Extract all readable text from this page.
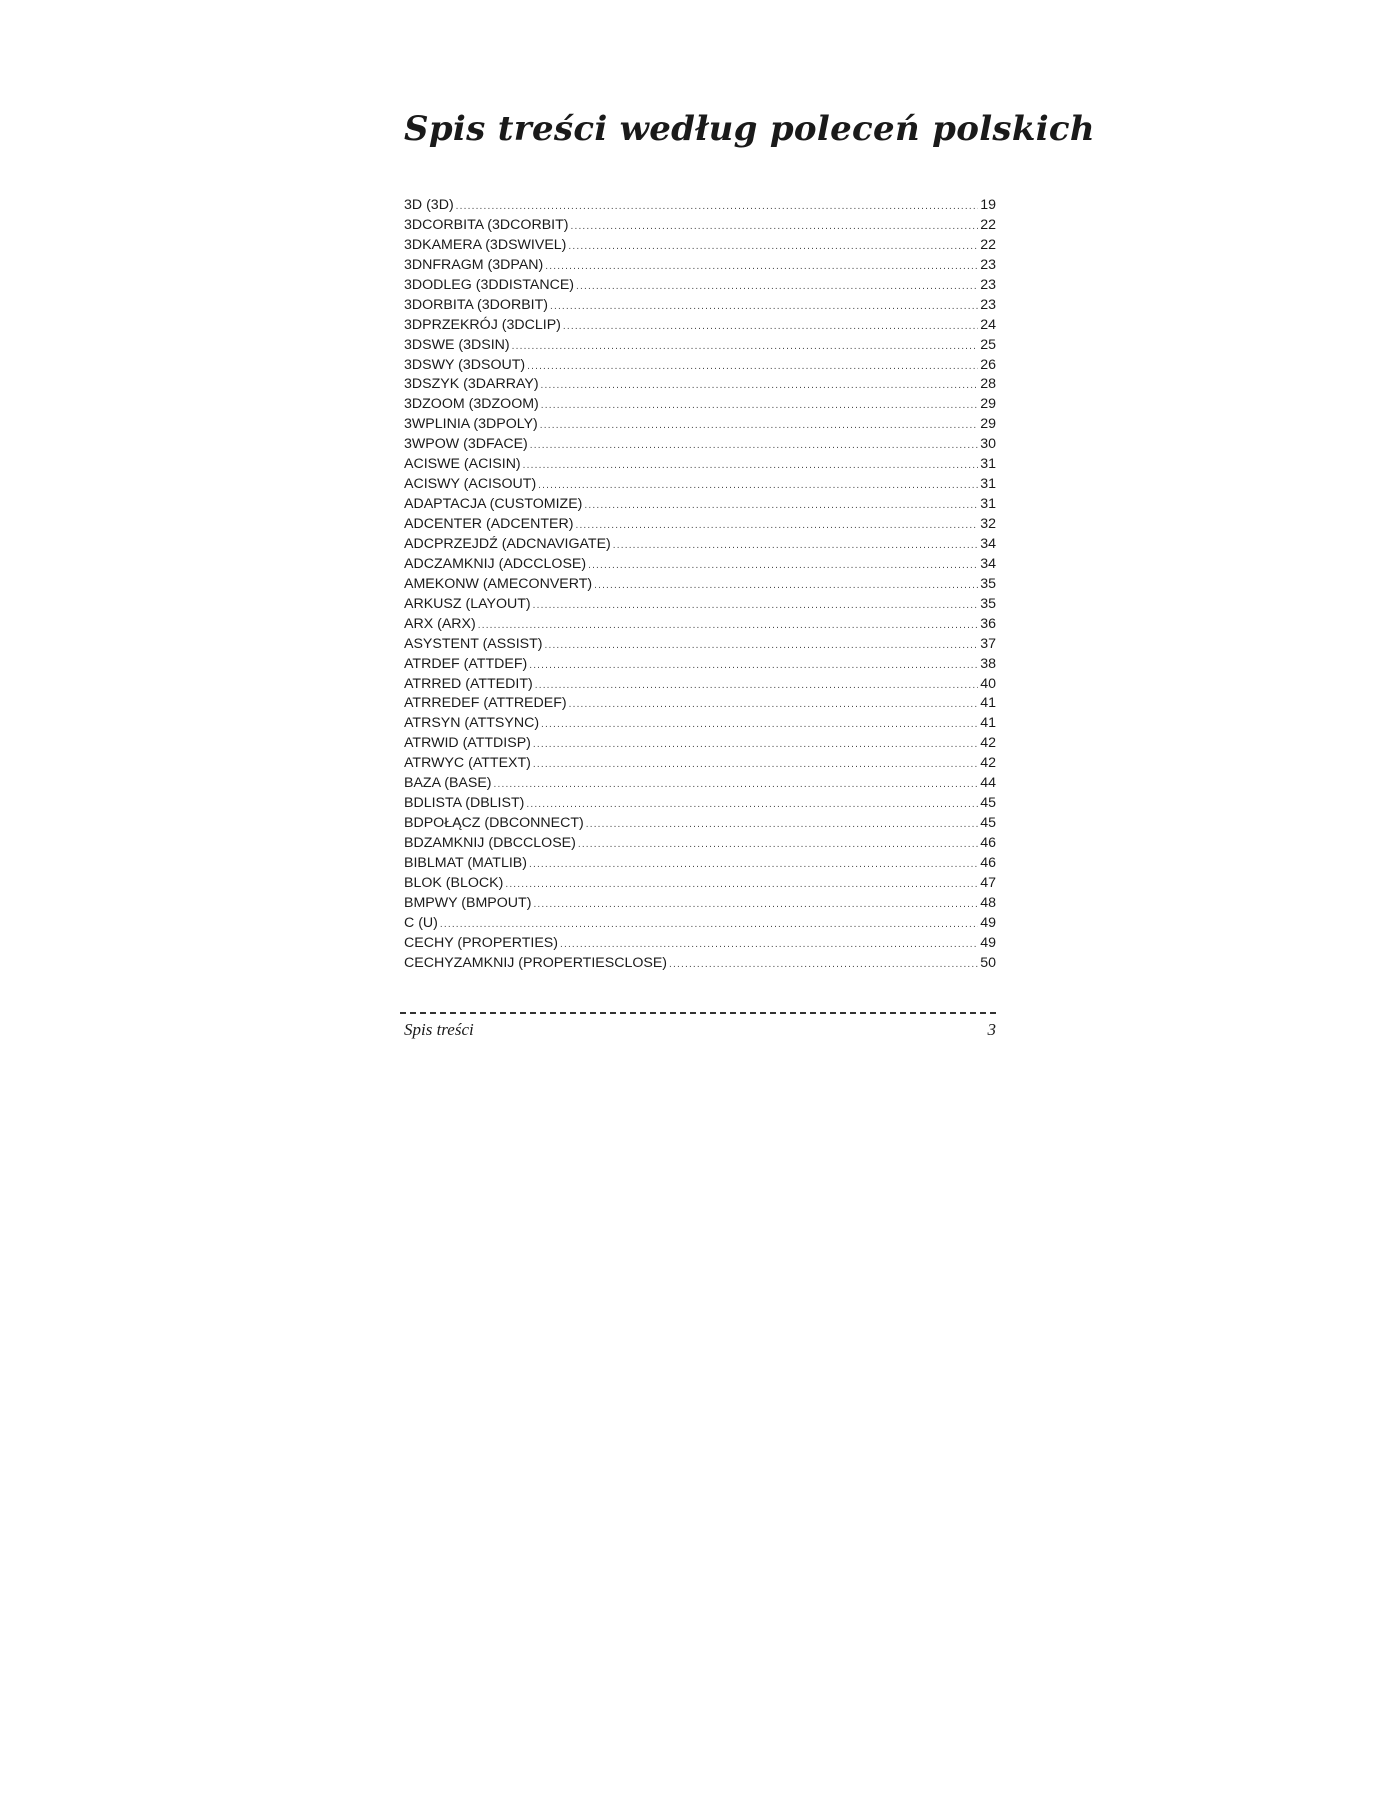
Spis treści według poleceń polskich
3D (3D) .....	19
3DCORBITA (3DCORBIT) .....	22
3DKAMERA (3DSWIVEL) .....	22
3DNFRAGM (3DPAN) .....	23
3DODLEG (3DDISTANCE) .....	23
3DORBITA (3DORBIT) .....	23
3DPRZEKRÓJ (3DCLIP) .....	24
3DSWE (3DSIN) .....	25
3DSWY (3DSOUT) .....	26
3DSZYK (3DARRAY) .....	28
3DZOOM (3DZOOM) .....	29
3WPLINIA (3DPOLY) .....	29
3WPOW (3DFACE) .....	30
ACISWE (ACISIN) .....	31
ACISWY (ACISOUT) .....	31
ADAPTACJA (CUSTOMIZE) .....	31
ADCENTER (ADCENTER) .....	32
ADCPRZEJDŹ (ADCNAVIGATE) .....	34
ADCZAMKNIJ (ADCCLOSE) .....	34
AMEKONW (AMECONVERT) .....	35
ARKUSZ (LAYOUT) .....	35
ARX (ARX) .....	36
ASYSTENT (ASSIST) .....	37
ATRDEF (ATTDEF) .....	38
ATRRED (ATTEDIT) .....	40
ATRREDEF (ATTREDEF) .....	41
ATRSYN (ATTSYNC) .....	41
ATRWID (ATTDISP) .....	42
ATRWYC (ATTEXT) .....	42
BAZA (BASE) .....	44
BDLISTA (DBLIST) .....	45
BDPOŁĄCZ (DBCONNECT) .....	45
BDZAMKNIJ (DBCCLOSE) .....	46
BIBLMAT (MATLIB) .....	46
BLOK (BLOCK) .....	47
BMPWY (BMPOUT) .....	48
C (U) .....	49
CECHY (PROPERTIES) .....	49
CECHYZAMKNIJ (PROPERTIESCLOSE) .....	50
Spis treści	3
